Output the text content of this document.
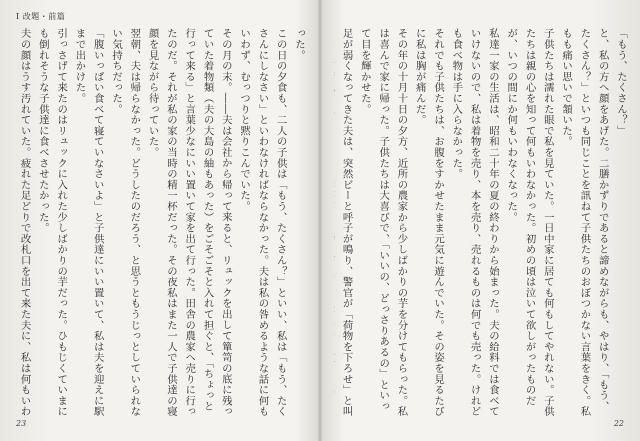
I 改題・前篇

った。

この日の夕食も、二人の子供は「もう、たくさん？」といい、私は「もう、たくさんにしなさい」といわなければならなかった。夫は私の咎めるような話に何もいわず、むっつりと黙りこんでいた。

その月の末。――夫は会社から帰って来ると、リュックを出して簞笥の底に残っていた着物類（夫の大島の紬もあった）をごそごそと入れて担ぐと、「ちょっと行って来る」と言葉少なにいい置いて家を出て行った。田舎の農家へ売りに行ったのだ。それが私の家の当時の精一杯だった。その夜私はまた一人で子供達の寝顔を見ながら待っていた。

翌朝、夫は帰らなかった。どうしたのだろう、と思うともうじっとしていられない気持ちだった。

「腹いっぱい食べて寝ていなさいよ」と子供達にいい置いて、私は夫を迎えに駅まで出かけた。

引っさげて来たのはリュックに入れた少しばかりの芋だった。ひもじくていまにも倒れそうな子供達に食べさせたかった。

夫の顔はうす汚れていた。疲れた足どりで改札口を出て来た夫に、私は何もいわ

23

「もう、たくさん？」

と、私の方へ顔をあげた。二膳かずりであると諦めながらも、やはり、「もう、たくさん？」といつも同じことを訊ねて子供たちのおぼつかない言葉をきく。私もも痛い思いで頷いた。

子供たちは濡れた眼で私を見ていた。一日中家に居ても何もしてやれない。子供たちは親の心を知って何もいわなかった。初めの頃は泣いて欲しがったものだが、いつの間にか何もいわなくなった。

私達一家の生活は、昭和二十年の夏の終わりから始まった。夫の給料では食べていけないので、私は着物を売り、本を売り、売れるものは何でも売った。けれども食べ物は手に入らなかった。

それでも子供たちは、お腹をすかせたまま元気に遊んでいた。その姿を見るたびに私は胸が痛んだ。

その年の十月十日の夕方、近所の農家から少しばかりの芋を分けてもらった。私は喜んで家に帰った。子供たちは大喜びで、「いいの、どっさりあるの」といって目を輝かせた。

足が弱くなってきた夫は、突然ビーと呼子が鳴り、警官が「荷物を下ろせ」と叫

22
